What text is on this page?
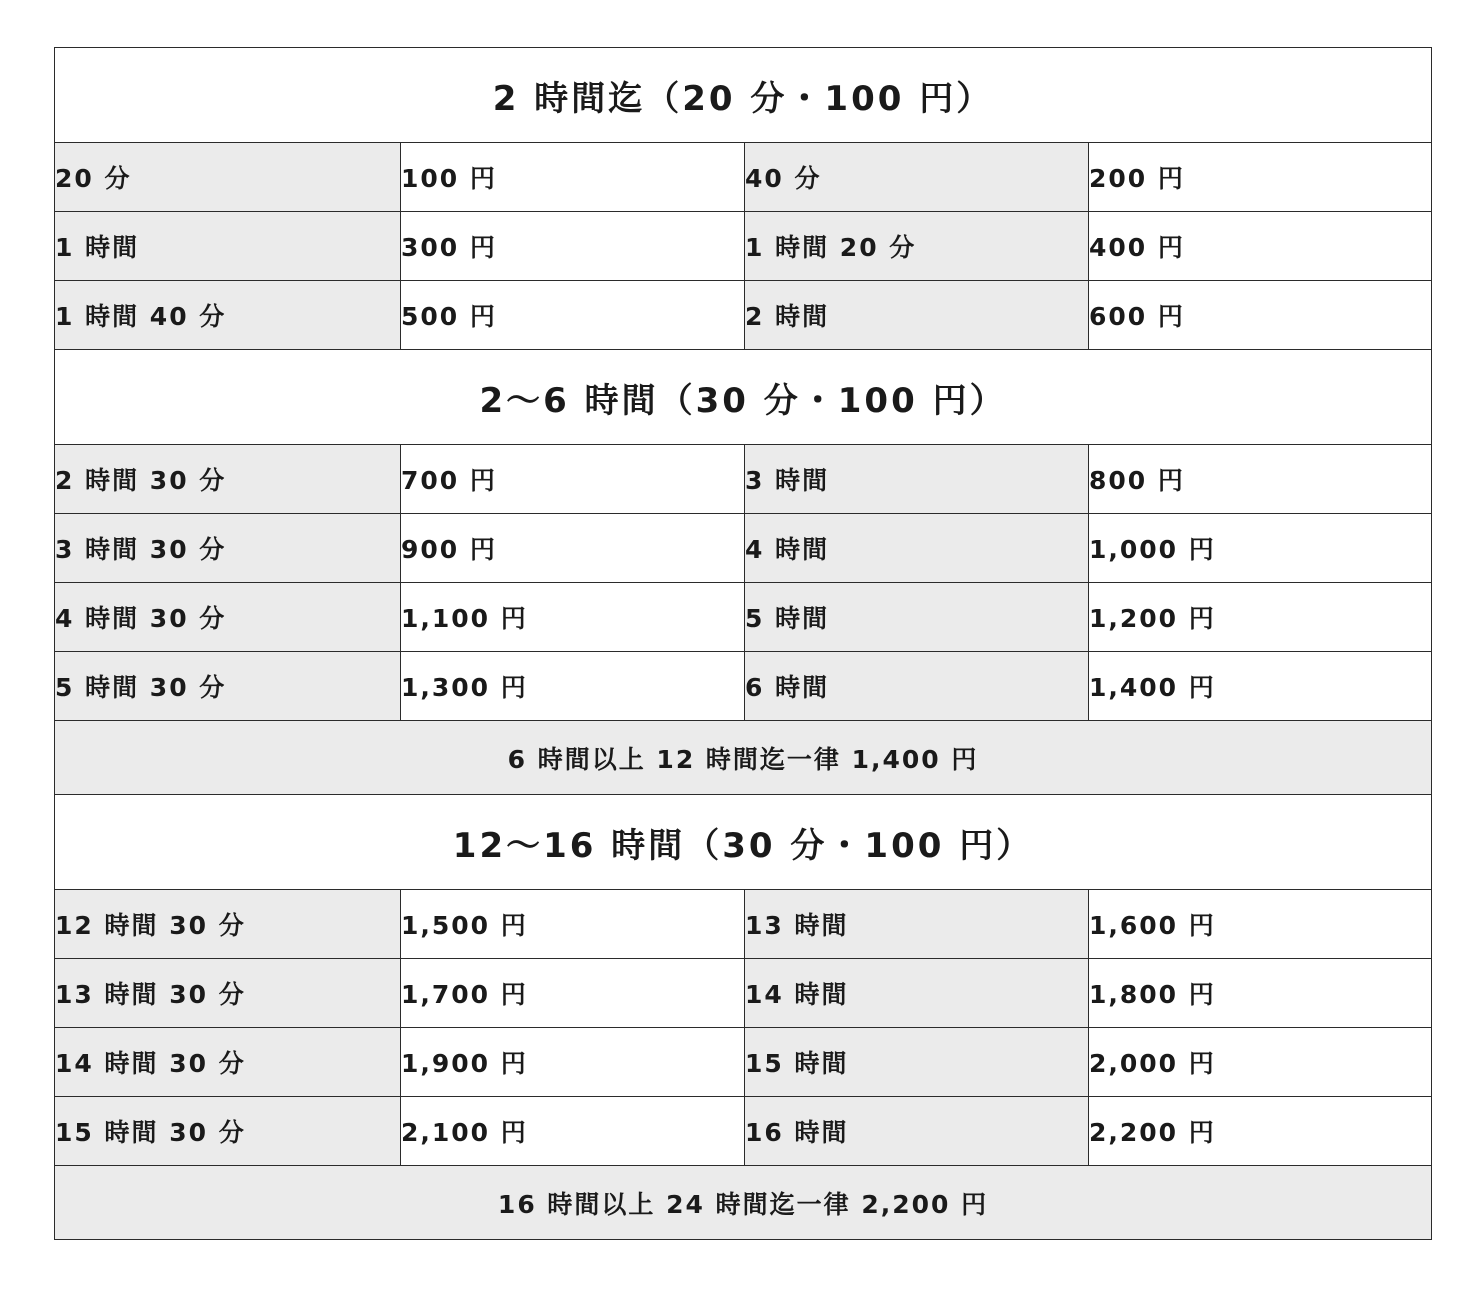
2 時間迄（20 分・100 円）			
20 分	100 円	40 分	200 円
1 時間	300 円	1 時間 20 分	400 円
1 時間 40 分	500 円	2 時間	600 円
2〜6 時間（30 分・100 円）			
2 時間 30 分	700 円	3 時間	800 円
3 時間 30 分	900 円	4 時間	1,000 円
4 時間 30 分	1,100 円	5 時間	1,200 円
5 時間 30 分	1,300 円	6 時間	1,400 円
6 時間以上 12 時間迄一律 1,400 円			
12〜16 時間（30 分・100 円）			
12 時間 30 分	1,500 円	13 時間	1,600 円
13 時間 30 分	1,700 円	14 時間	1,800 円
14 時間 30 分	1,900 円	15 時間	2,000 円
15 時間 30 分	2,100 円	16 時間	2,200 円
16 時間以上 24 時間迄一律 2,200 円			
